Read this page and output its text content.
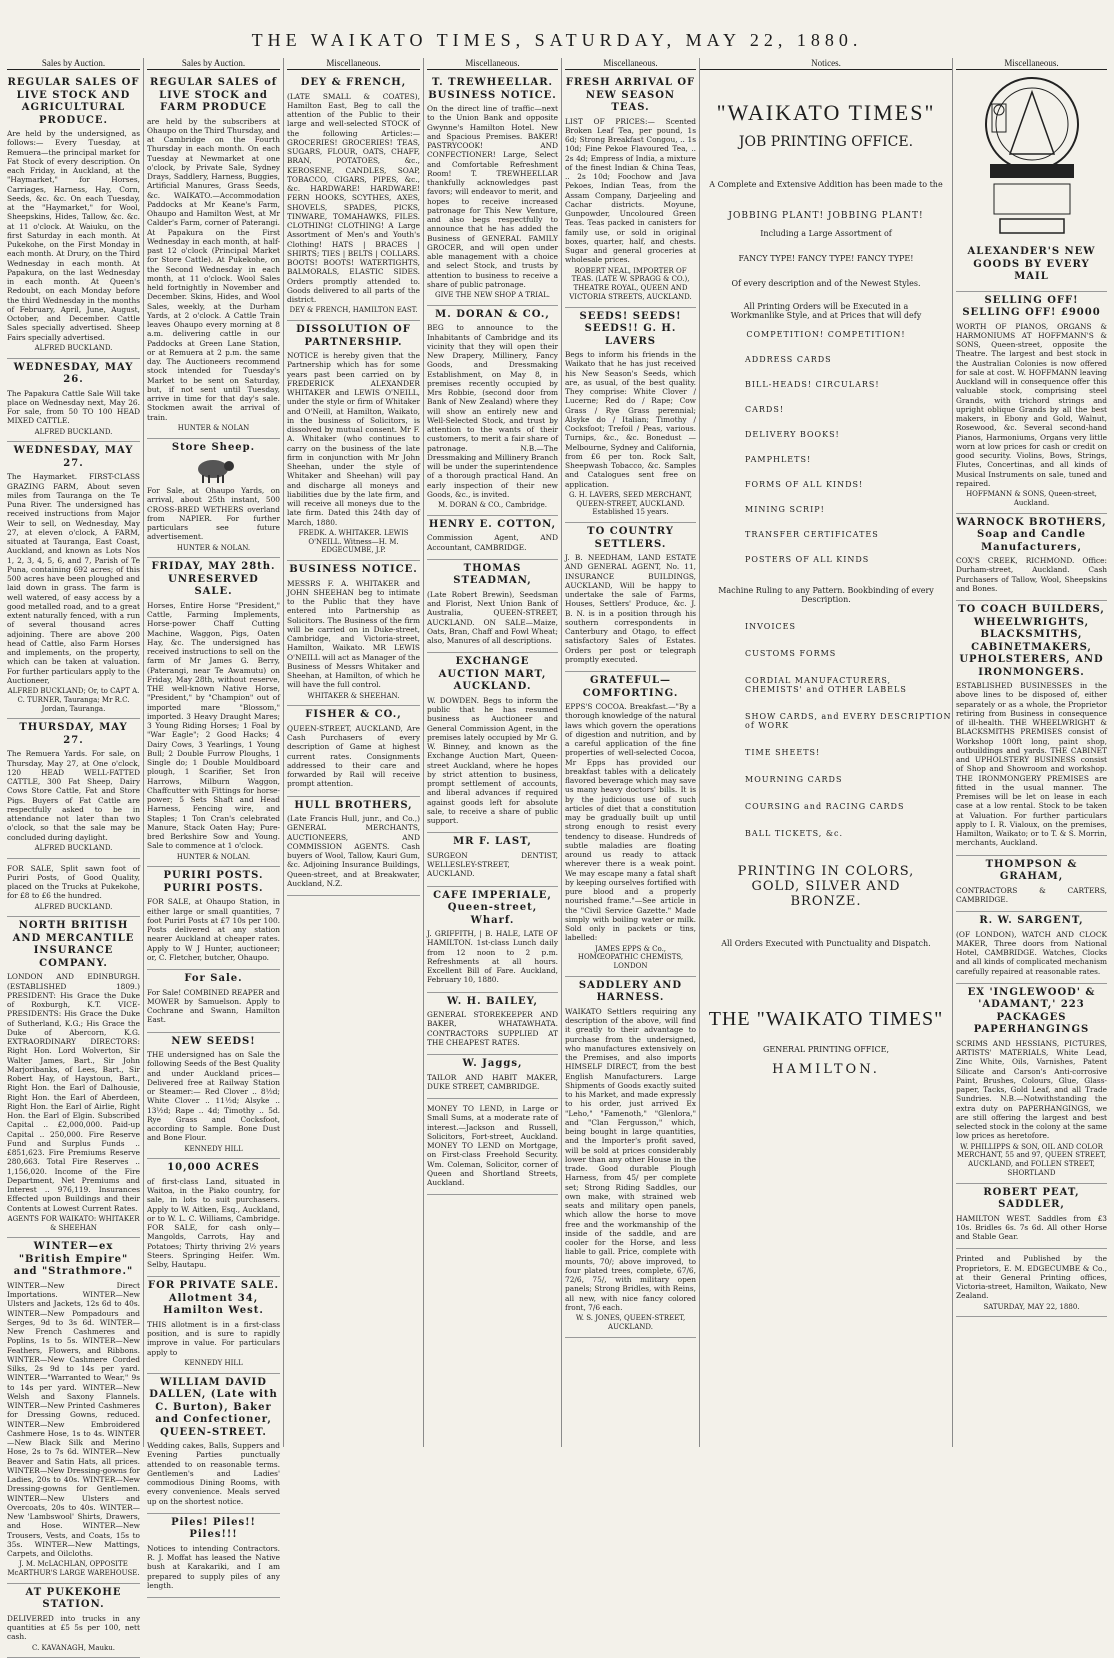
THE WAIKATO TIMES, SATURDAY, MAY 22, 1880.
Sales by Auction.
REGULAR SALES OF LIVE STOCK AND AGRICULTURAL PRODUCE.

Are held by the undersigned, as follows:— Every Tuesday, at Remuera—the principal market for Fat Stock of every description. On each Friday, in Auckland, at the "Haymarket," for Horses, Carriages, Harness, Hay, Corn, Seeds, &c. &c. On each Tuesday, at the "Haymarket," for Wool, Sheepskins, Hides, Tallow, &c. &c. at 11 o'clock. At Waiuku, on the first Saturday in each month. At Pukekohe, on the First Monday in each month. At Drury, on the Third Wednesday in each month. At Papakura, on the last Wednesday in each month. At Queen's Redoubt, on each Monday before the third Wednesday in the months of February, April, June, August, October, and December. Cattle Sales specially advertised. Sheep Fairs specially advertised.

ALFRED BUCKLAND.
WEDNESDAY, MAY 26.

The Papakura Cattle Sale Will take place on Wednesday next, May 26. For sale, from 50 TO 100 HEAD MIXED CATTLE.

ALFRED BUCKLAND.
WEDNESDAY, MAY 27.

The Haymarket. FIRST-CLASS GRAZING FARM, About seven miles from Tauranga on the Te Puna River. The undersigned has received instructions from Major Weir to sell, on Wednesday, May 27, at eleven o'clock, A FARM, situated at Tauranga, East Coast, Auckland, and known as Lots Nos 1, 2, 3, 4, 5, 6, and 7, Parish of Te Puna, containing 692 acres; of this 500 acres have been ploughed and laid down in grass. The farm is well watered, of easy access by a good metalled road, and to a great extent naturally fenced, with a run of several thousand acres adjoining. There are above 200 head of Cattle, also Farm Horses and implements, on the property, which can be taken at valuation. For further particulars apply to the Auctioneer,

ALFRED BUCKLAND; Or, to CAPT A. C. TURNER, Tauranga; Mr R.C. Jordan, Tauranga.
THURSDAY, MAY 27.

The Remuera Yards. For sale, on Thursday, May 27, at One o'clock, 120 HEAD WELL-FATTED CATTLE, 300 Fat Sheep, Dairy Cows Store Cattle, Fat and Store Pigs. Buyers of Fat Cattle are respectfully asked to be in attendance not later than two o'clock, so that the sale may be concluded during daylight.

ALFRED BUCKLAND.

FOR SALE, Split sawn foot of Puriri Posts, of Good Quality, placed on the Trucks at Pukekohe, for £8 to £6 the hundred.

ALFRED BUCKLAND.
NORTH BRITISH AND MERCANTILE INSURANCE COMPANY.

LONDON AND EDINBURGH. (ESTABLISHED 1809.) PRESIDENT: His Grace the Duke of Roxburgh, K.T. VICE-PRESIDENTS: His Grace the Duke of Sutherland, K.G.; His Grace the Duke of Abercorn, K.G. EXTRAORDINARY DIRECTORS: Right Hon. Lord Wolverton, Sir Walter James, Bart., Sir John Marjoribanks, of Lees, Bart., Sir Robert Hay, of Haystoun, Bart., Right Hon. the Earl of Dalhousie, Right Hon. the Earl of Aberdeen, Right Hon. the Earl of Airlie, Right Hon. the Earl of Elgin. Subscribed Capital .. £2,000,000. Paid-up Capital .. 250,000. Fire Reserve Fund and Surplus Funds .. £851,623. Fire Premiums Reserve 280,663. Total Fire Reserves .. 1,156,020. Income of the Fire Department, Net Premiums and Interest .. 976,119. Insurances Effected upon Buildings and their Contents at Lowest Current Rates.

AGENTS FOR WAIKATO: WHITAKER & SHEEHAN
WINTER—ex "British Empire" and "Strathmore."

WINTER—New Direct Importations. WINTER—New Ulsters and Jackets, 12s 6d to 40s. WINTER—New Pompadours and Serges, 9d to 3s 6d. WINTER—New French Cashmeres and Poplins, 1s to 5s. WINTER—New Feathers, Flowers, and Ribbons. WINTER—New Cashmere Corded Silks, 2s 9d to 14s per yard. WINTER—"Warranted to Wear," 9s to 14s per yard. WINTER—New Welsh and Saxony Flannels. WINTER—New Printed Cashmeres for Dressing Gowns, reduced. WINTER—New Embroidered Cashmere Hose, 1s to 4s. WINTER—New Black Silk and Merino Hose, 2s to 7s 6d. WINTER—New Beaver and Satin Hats, all prices. WINTER—New Dressing-gowns for Ladies, 20s to 40s. WINTER—New Dressing-gowns for Gentlemen. WINTER—New Ulsters and Overcoats, 20s to 40s. WINTER—New 'Lambswool' Shirts, Drawers, and Hose. WINTER—New Trousers, Vests, and Coats, 15s to 35s. WINTER—New Mattings, Carpets, and Oilcloths.

J. M. McLACHLAN, OPPOSITE McARTHUR'S LARGE WAREHOUSE.
AT PUKEKOHE STATION.

DELIVERED into trucks in any quantities at £5 5s per 100, nett cash.

C. KAVANAGH, Mauku.
Sales by Auction.
REGULAR SALES of LIVE STOCK and FARM PRODUCE

are held by the subscribers at Ohaupo on the Third Thursday, and at Cambridge on the Fourth Thursday in each month. On each Tuesday at Newmarket at one o'clock, by Private Sale, Sydney Drays, Saddlery, Harness, Buggies, Artificial Manures, Grass Seeds, &c. WAIKATO.—Accommodation Paddocks at Mr Keane's Farm, Ohaupo and Hamilton West, at Mr Calder's Farm, corner of Paterangi. At Papakura on the First Wednesday in each month, at half-past 12 o'clock (Principal Market for Store Cattle). At Pukekohe, on the Second Wednesday in each month, at 11 o'clock. Wool Sales held fortnightly in November and December. Skins, Hides, and Wool Sales, weekly, at the Durham Yards, at 2 o'clock. A Cattle Train leaves Ohaupo every morning at 8 a.m. delivering cattle in our Paddocks at Green Lane Station, or at Remuera at 2 p.m. the same day. The Auctioneers recommend stock intended for Tuesday's Market to be sent on Saturday, but, if not sent until Tuesday, arrive in time for that day's sale. Stockmen await the arrival of train.

HUNTER & NOLAN
Store Sheep.

For Sale, at Ohaupo Yards, on arrival, about 25th instant, 500 CROSS-BRED WETHERS overland from NAPIER. For further particulars see future advertisement.

HUNTER & NOLAN.
FRIDAY, MAY 28th. UNRESERVED SALE.

Horses, Entire Horse "President," Cattle, Farming Implements, Horse-power Chaff Cutting Machine, Waggon, Pigs, Oaten Hay, &c. The undersigned has received instructions to sell on the farm of Mr James G. Berry, (Paterangi, near Te Awamutu) on Friday, May 28th, without reserve, THE well-known Native Horse, "President," by "Champion" out of imported mare "Blossom," imported. 3 Heavy Draught Mares; 3 Young Riding Horses; 1 Foal by "War Eagle"; 2 Good Hacks; 4 Dairy Cows, 3 Yearlings, 1 Young Bull; 2 Double Furrow Ploughs, 1 Single do; 1 Double Mouldboard plough, 1 Scarifier, Set Iron Harrows, Milburn Waggon, Chaffcutter with Fittings for horse-power; 5 Sets Shaft and Head Harness, Fencing wire, and Staples; 1 Ton Cran's celebrated Manure, Stack Oaten Hay; Pure-bred Berkshire Sow and Young. Sale to commence at 1 o'clock.

HUNTER & NOLAN.
PURIRI POSTS. PURIRI POSTS.

FOR SALE, at Ohaupo Station, in either large or small quantities, 7 foot Puriri Posts at £7 10s per 100. Posts delivered at any station nearer Auckland at cheaper rates. Apply to W J Hunter, auctioneer; or, C. Fletcher, butcher, Ohaupo.

For Sale.

For Sale! COMBINED REAPER and MOWER by Samuelson. Apply to Cochrane and Swann, Hamilton East.

NEW SEEDS!

THE undersigned has on Sale the following Seeds of the Best Quality and under Auckland prices—Delivered free at Railway Station or Steamer:— Red Clover .. 8½d; White Clover .. 11½d; Alsyke .. 13½d; Rape .. 4d; Timothy .. 5d. Rye Grass and Cocksfoot, according to Sample. Bone Dust and Bone Flour.

KENNEDY HILL
10,000 ACRES

of first-class Land, situated in Waitoa, in the Piako country, for sale, in lots to suit purchasers. Apply to W. Aitken, Esq., Auckland, or to W. L. C. Williams, Cambridge. FOR SALE, for cash only—Mangolds, Carrots, Hay and Potatoes; Thirty thriving 2½ years Steers. Springing Heifer. Wm. Selby, Hautapu.

FOR PRIVATE SALE. Allotment 34, Hamilton West.

THIS allotment is in a first-class position, and is sure to rapidly improve in value. For particulars apply to

KENNEDY HILL
WILLIAM DAVID DALLEN, (Late with C. Burton), Baker and Confectioner, QUEEN-STREET.

Wedding cakes, Balls, Suppers and Evening Parties punctually attended to on reasonable terms. Gentlemen's and Ladies' commodious Dining Rooms, with every convenience. Meals served up on the shortest notice.

Piles! Piles!! Piles!!!

Notices to intending Contractors. R. J. Moffat has leased the Native bush at Karakariki, and I am prepared to supply piles of any length.

Miscellaneous.
DEY & FRENCH,

(LATE SMALL & COATES), Hamilton East, Beg to call the attention of the Public to their large and well-selected STOCK of the following Articles:— GROCERIES! GROCERIES! TEAS, SUGARS, FLOUR, OATS, CHAFF, BRAN, POTATOES, &c., KEROSENE, CANDLES, SOAP, TOBACCO, CIGARS, PIPES, &c., &c. HARDWARE! HARDWARE! FERN HOOKS, SCYTHES, AXES, SHOVELS, SPADES, PICKS, TINWARE, TOMAHAWKS, FILES. CLOTHING! CLOTHING! A Large Assortment of Men's and Youth's Clothing! HATS | BRACES | SHIRTS; TIES | BELTS | COLLARS. BOOTS! BOOTS! WATERTIGHTS, BALMORALS, ELASTIC SIDES. Orders promptly attended to. Goods delivered to all parts of the district.

DEY & FRENCH, HAMILTON EAST.
DISSOLUTION OF PARTNERSHIP.

NOTICE is hereby given that the Partnership which has for some years past been carried on by FREDERICK ALEXANDER WHITAKER and LEWIS O'NEILL, under the style or firm of Whitaker and O'Neill, at Hamilton, Waikato, in the business of Solicitors, is dissolved by mutual consent. Mr F. A. Whitaker (who continues to carry on the business of the late firm in conjunction with Mr John Sheehan, under the style of Whitaker and Sheehan) will pay and discharge all moneys and liabilities due by the late firm, and will receive all moneys due to the late firm. Dated this 24th day of March, 1880.

FREDK. A. WHITAKER. LEWIS O'NEILL. Witness—H. M. EDGECUMBE, J.P.
BUSINESS NOTICE.

MESSRS F. A. WHITAKER and JOHN SHEEHAN beg to intimate to the Public that they have entered into Partnership as Solicitors. The Business of the firm will be carried on in Duke-street, Cambridge, and Victoria-street, Hamilton, Waikato. MR LEWIS O'NEILL will act as Manager of the Business of Messrs Whitaker and Sheehan, at Hamilton, of which he will have the full control.

WHITAKER & SHEEHAN.
FISHER & CO.,

QUEEN-STREET, AUCKLAND, Are Cash Purchasers of every description of Game at highest current rates. Consignments addressed to their care and forwarded by Rail will receive prompt attention.

HULL BROTHERS,

(Late Francis Hull, junr., and Co.,) GENERAL MERCHANTS, AUCTIONEERS, AND COMMISSION AGENTS. Cash buyers of Wool, Tallow, Kauri Gum, &c. Adjoining Insurance Buildings, Queen-street, and at Breakwater, Auckland, N.Z.

Miscellaneous.
T. TREWHEELLAR. BUSINESS NOTICE.

On the direct line of traffic—next to the Union Bank and opposite Gwynne's Hamilton Hotel. New and Spacious Premises. BAKER! PASTRYCOOK! AND CONFECTIONER! Large, Select and Comfortable Refreshment Room! T. TREWHEELLAR thankfully acknowledges past favors; will endeavor to merit, and hopes to receive increased patronage for This New Venture, and also begs respectfully to announce that he has added the Business of GENERAL FAMILY GROCER, and will open under able management with a choice and select Stock, and trusts by attention to business to receive a share of public patronage.

GIVE THE NEW SHOP A TRIAL.
M. DORAN & CO.,

BEG to announce to the Inhabitants of Cambridge and its vicinity that they will open their New Drapery, Millinery, Fancy Goods, and Dressmaking Establishment, on May 8, in premises recently occupied by Mrs Robbie, (second door from Bank of New Zealand) where they will show an entirely new and Well-Selected Stock, and trust by attention to the wants of their customers, to merit a fair share of patronage. N.B.—The Dressmaking and Millinery Branch will be under the superintendence of a thorough practical Hand. An early inspection of their new Goods, &c., is invited.

M. DORAN & CO., Cambridge.
HENRY E. COTTON,

Commission Agent, AND Accountant, CAMBRIDGE.

THOMAS STEADMAN,

(Late Robert Brewin), Seedsman and Florist, Next Union Bank of Australia, QUEEN-STREET, AUCKLAND. ON SALE—Maize, Oats, Bran, Chaff and Fowl Wheat; also, Manures of all descriptions.

EXCHANGE AUCTION MART, AUCKLAND.

W. DOWDEN. Begs to inform the public that he has resumed business as Auctioneer and General Commission Agent, in the premises lately occupied by Mr G. W. Binney, and known as the Exchange Auction Mart, Queen-street Auckland, where he hopes by strict attention to business, prompt settlement of accounts, and liberal advances if required against goods left for absolute sale, to receive a share of public support.

MR F. LAST,

SURGEON DENTIST, WELLESLEY-STREET, AUCKLAND.

CAFE IMPERIALE, Queen-street, Wharf.

J. GRIFFITH, | B. HALE, LATE OF HAMILTON. 1st-class Lunch daily from 12 noon to 2 p.m. Refreshments at all hours. Excellent Bill of Fare. Auckland, February 10, 1880.

W. H. BAILEY,

GENERAL STOREKEEPER AND BAKER, WHATAWHATA. CONTRACTORS SUPPLIED AT THE CHEAPEST RATES.

W. Jaggs,

TAILOR AND HABIT MAKER, DUKE STREET, CAMBRIDGE.

MONEY TO LEND, in Large or Small Sums, at a moderate rate of interest.—Jackson and Russell, Solicitors, Fort-street, Auckland. MONEY TO LEND on Mortgage, on First-class Freehold Security. Wm. Coleman, Solicitor, corner of Queen and Shortland Streets, Auckland.

Miscellaneous.
FRESH ARRIVAL OF NEW SEASON TEAS.

LIST OF PRICES:— Scented Broken Leaf Tea, per pound, 1s 6d; Strong Breakfast Congou, .. 1s 10d; Fine Pekoe Flavoured Tea, .. 2s 4d; Empress of India, a mixture of the finest Indian & China Teas, .. 2s 10d; Foochow and Java Pekoes, Indian Teas, from the Assam Company, Darjeeling and Cachar districts. Moyune, Gunpowder, Uncoloured Green Teas. Teas packed in canisters for family use, or sold in original boxes, quarter, half, and chests. Sugar and general groceries at wholesale prices.

ROBERT NEAL, IMPORTER OF TEAS. (LATE W. SPRAGG & CO.), THEATRE ROYAL, QUEEN AND VICTORIA STREETS, AUCKLAND.
SEEDS! SEEDS! SEEDS!! G. H. LAVERS

Begs to inform his friends in the Waikato that he has just received his New Season's Seeds, which are, as usual, of the best quality. They comprise: White Clover / Lucerne; Red do / Rape; Cow Grass / Rye Grass perennial; Alsyke do / Italian; Timothy / Cocksfoot; Trefoil / Peas, various. Turnips, &c., &c. Bonedust — Melbourne, Sydney and California, from £6 per ton. Rock Salt, Sheepwash Tobacco, &c. Samples and Catalogues sent free on application.

G. H. LAVERS, SEED MERCHANT, QUEEN-STREET, AUCKLAND. Established 15 years.
TO COUNTRY SETTLERS.

J. B. NEEDHAM, LAND ESTATE AND GENERAL AGENT, No. 11, INSURANCE BUILDINGS, AUCKLAND, Will be happy to undertake the sale of Farms, Houses, Settlers' Produce, &c. J. B. N. is in a position through his southern correspondents in Canterbury and Otago, to effect satisfactory Sales of Estates. Orders per post or telegraph promptly executed.

GRATEFUL—COMFORTING.

EPPS'S COCOA. Breakfast.—"By a thorough knowledge of the natural laws which govern the operations of digestion and nutrition, and by a careful application of the fine properties of well-selected Cocoa, Mr Epps has provided our breakfast tables with a delicately flavored beverage which may save us many heavy doctors' bills. It is by the judicious use of such articles of diet that a constitution may be gradually built up until strong enough to resist every tendency to disease. Hundreds of subtle maladies are floating around us ready to attack wherever there is a weak point. We may escape many a fatal shaft by keeping ourselves fortified with pure blood and a properly nourished frame."—See article in the "Civil Service Gazette." Made simply with boiling water or milk. Sold only in packets or tins, labelled:

JAMES EPPS & Co., HOMŒOPATHIC CHEMISTS, LONDON
SADDLERY AND HARNESS.

WAIKATO Settlers requiring any description of the above, will find it greatly to their advantage to purchase from the undersigned, who manufactures extensively on the Premises, and also imports HIMSELF DIRECT, from the best English Manufacturers. Large Shipments of Goods exactly suited to his Market, and made expressly to his order, just arrived Ex "Leho," "Famenoth," "Glenlora," and "Clan Fergusson," which, being bought in large quantities, and the Importer's profit saved, will be sold at prices considerably lower than any other House in the trade. Good durable Plough Harness, from 45/ per complete set; Strong Riding Saddles, our own make, with strained web seats and military open panels, which allow the horse to move free and the workmanship of the inside of the saddle, and are cooler for the Horse, and less liable to gall. Price, complete with mounts, 70/; above improved, to four plated trees, complete, 67/6, 72/6, 75/, with military open panels; Strong Bridles, with Reins, all new, with nice fancy colored front, 7/6 each.

W. S. JONES, QUEEN-STREET, AUCKLAND.
Notices.
"WAIKATO TIMES"
JOB PRINTING OFFICE.
A Complete and Extensive Addition has been made to the
JOBBING PLANT! JOBBING PLANT!
Including a Large Assortment of
FANCY TYPE! FANCY TYPE! FANCY TYPE!
Of every description and of the Newest Styles.
All Printing Orders will be Executed in a Workmanlike Style, and at Prices that will defy
COMPETITION! COMPETITION!
ADDRESS CARDS
BILL-HEADS! CIRCULARS!
CARDS!
DELIVERY BOOKS!
PAMPHLETS!
FORMS OF ALL KINDS!
MINING SCRIP!
TRANSFER CERTIFICATES
POSTERS OF ALL KINDS
Machine Ruling to any Pattern. Bookbinding of every Description.
INVOICES
CUSTOMS FORMS
CORDIAL MANUFACTURERS, CHEMISTS' and OTHER LABELS
SHOW CARDS, and EVERY DESCRIPTION of WORK
TIME SHEETS!
MOURNING CARDS
COURSING and RACING CARDS
BALL TICKETS, &c.
PRINTING IN COLORS, GOLD, SILVER AND BRONZE.
All Orders Executed with Punctuality and Dispatch.
THE "WAIKATO TIMES"
GENERAL PRINTING OFFICE,
HAMILTON.
Miscellaneous.
ALEXANDER'S NEW GOODS BY EVERY MAIL

SELLING OFF! SELLING OFF! £9000

WORTH OF PIANOS, ORGANS & HARMONIUMS AT HOFFMANN'S & SONS, Queen-street, opposite the Theatre. The largest and best stock in the Australian Colonies is now offered for sale at cost. W. HOFFMANN leaving Auckland will in consequence offer this valuable stock, comprising steel Grands, with trichord strings and upright oblique Grands by all the best makers, in Ebony and Gold, Walnut, Rosewood, &c. Several second-hand Pianos, Harmoniums, Organs very little worn at low prices for cash or credit on good security. Violins, Bows, Strings, Flutes, Concertinas, and all kinds of Musical Instruments on sale, tuned and repaired.

HOFFMANN & SONS, Queen-street, Auckland.
WARNOCK BROTHERS, Soap and Candle Manufacturers,

COX'S CREEK, RICHMOND. Office: Durham-street, Auckland. Cash Purchasers of Tallow, Wool, Sheepskins and Bones.

TO COACH BUILDERS, WHEELWRIGHTS, BLACKSMITHS, CABINETMAKERS, UPHOLSTERERS, AND IRONMONGERS.

ESTABLISHED BUSINESSES in the above lines to be disposed of, either separately or as a whole, the Proprietor retiring from Business in consequence of ill-health. THE WHEELWRIGHT & BLACKSMITHS PREMISES consist of Workshop 100ft long, paint shop, outbuildings and yards. THE CABINET and UPHOLSTERY BUSINESS consist of Shop and Showroom and workshop. THE IRONMONGERY PREMISES are fitted in the usual manner. The Premises will be let on lease in each case at a low rental. Stock to be taken at Valuation. For further particulars apply to I. R. Vialoux, on the premises, Hamilton, Waikato; or to T. & S. Morrin, merchants, Auckland.

THOMPSON & GRAHAM,

CONTRACTORS & CARTERS, CAMBRIDGE.

R. W. SARGENT,

(OF LONDON), WATCH AND CLOCK MAKER, Three doors from National Hotel, CAMBRIDGE. Watches, Clocks and all kinds of complicated mechanism carefully repaired at reasonable rates.

EX 'INGLEWOOD' & 'ADAMANT,' 223 PACKAGES PAPERHANGINGS

SCRIMS AND HESSIANS, PICTURES, ARTISTS' MATERIALS, White Lead, Zinc White, Oils, Varnishes, Patent Silicate and Carson's Anti-corrosive Paint, Brushes, Colours, Glue, Glass-paper, Tacks, Gold Leaf, and all Trade Sundries. N.B.—Notwithstanding the extra duty on PAPERHANGINGS, we are still offering the largest and best selected stock in the colony at the same low prices as heretofore.

W. PHILLIPPS & SON, OIL AND COLOR MERCHANT, 55 and 97, QUEEN STREET, AUCKLAND, and FOLLEN STREET, SHORTLAND
ROBERT PEAT, SADDLER,

HAMILTON WEST. Saddles from £3 10s. Bridles 6s. 7s 6d. All other Horse and Stable Gear.

Printed and Published by the Proprietors, E. M. EDGECUMBE & Co., at their General Printing offices, Victoria-street, Hamilton, Waikato, New Zealand.

SATURDAY, MAY 22, 1880.
